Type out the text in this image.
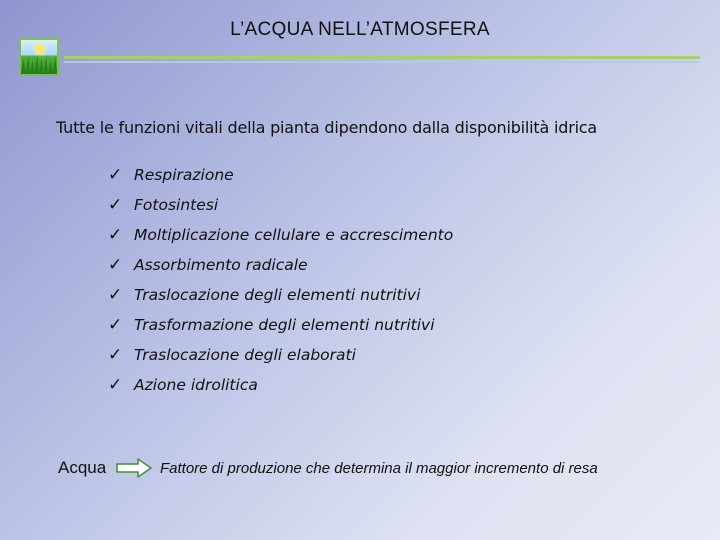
L’ACQUA NELL’ATMOSFERA
Tutte le funzioni vitali della pianta dipendono dalla disponibilità idrica
✓ Respirazione
✓ Fotosintesi
✓ Moltiplicazione cellulare e accrescimento
✓ Assorbimento radicale
✓ Traslocazione degli elementi nutritivi
✓ Trasformazione degli elementi nutritivi
✓ Traslocazione degli elaborati
✓ Azione idrolitica
Acqua	Fattore di produzione che determina il maggior incremento di resa
